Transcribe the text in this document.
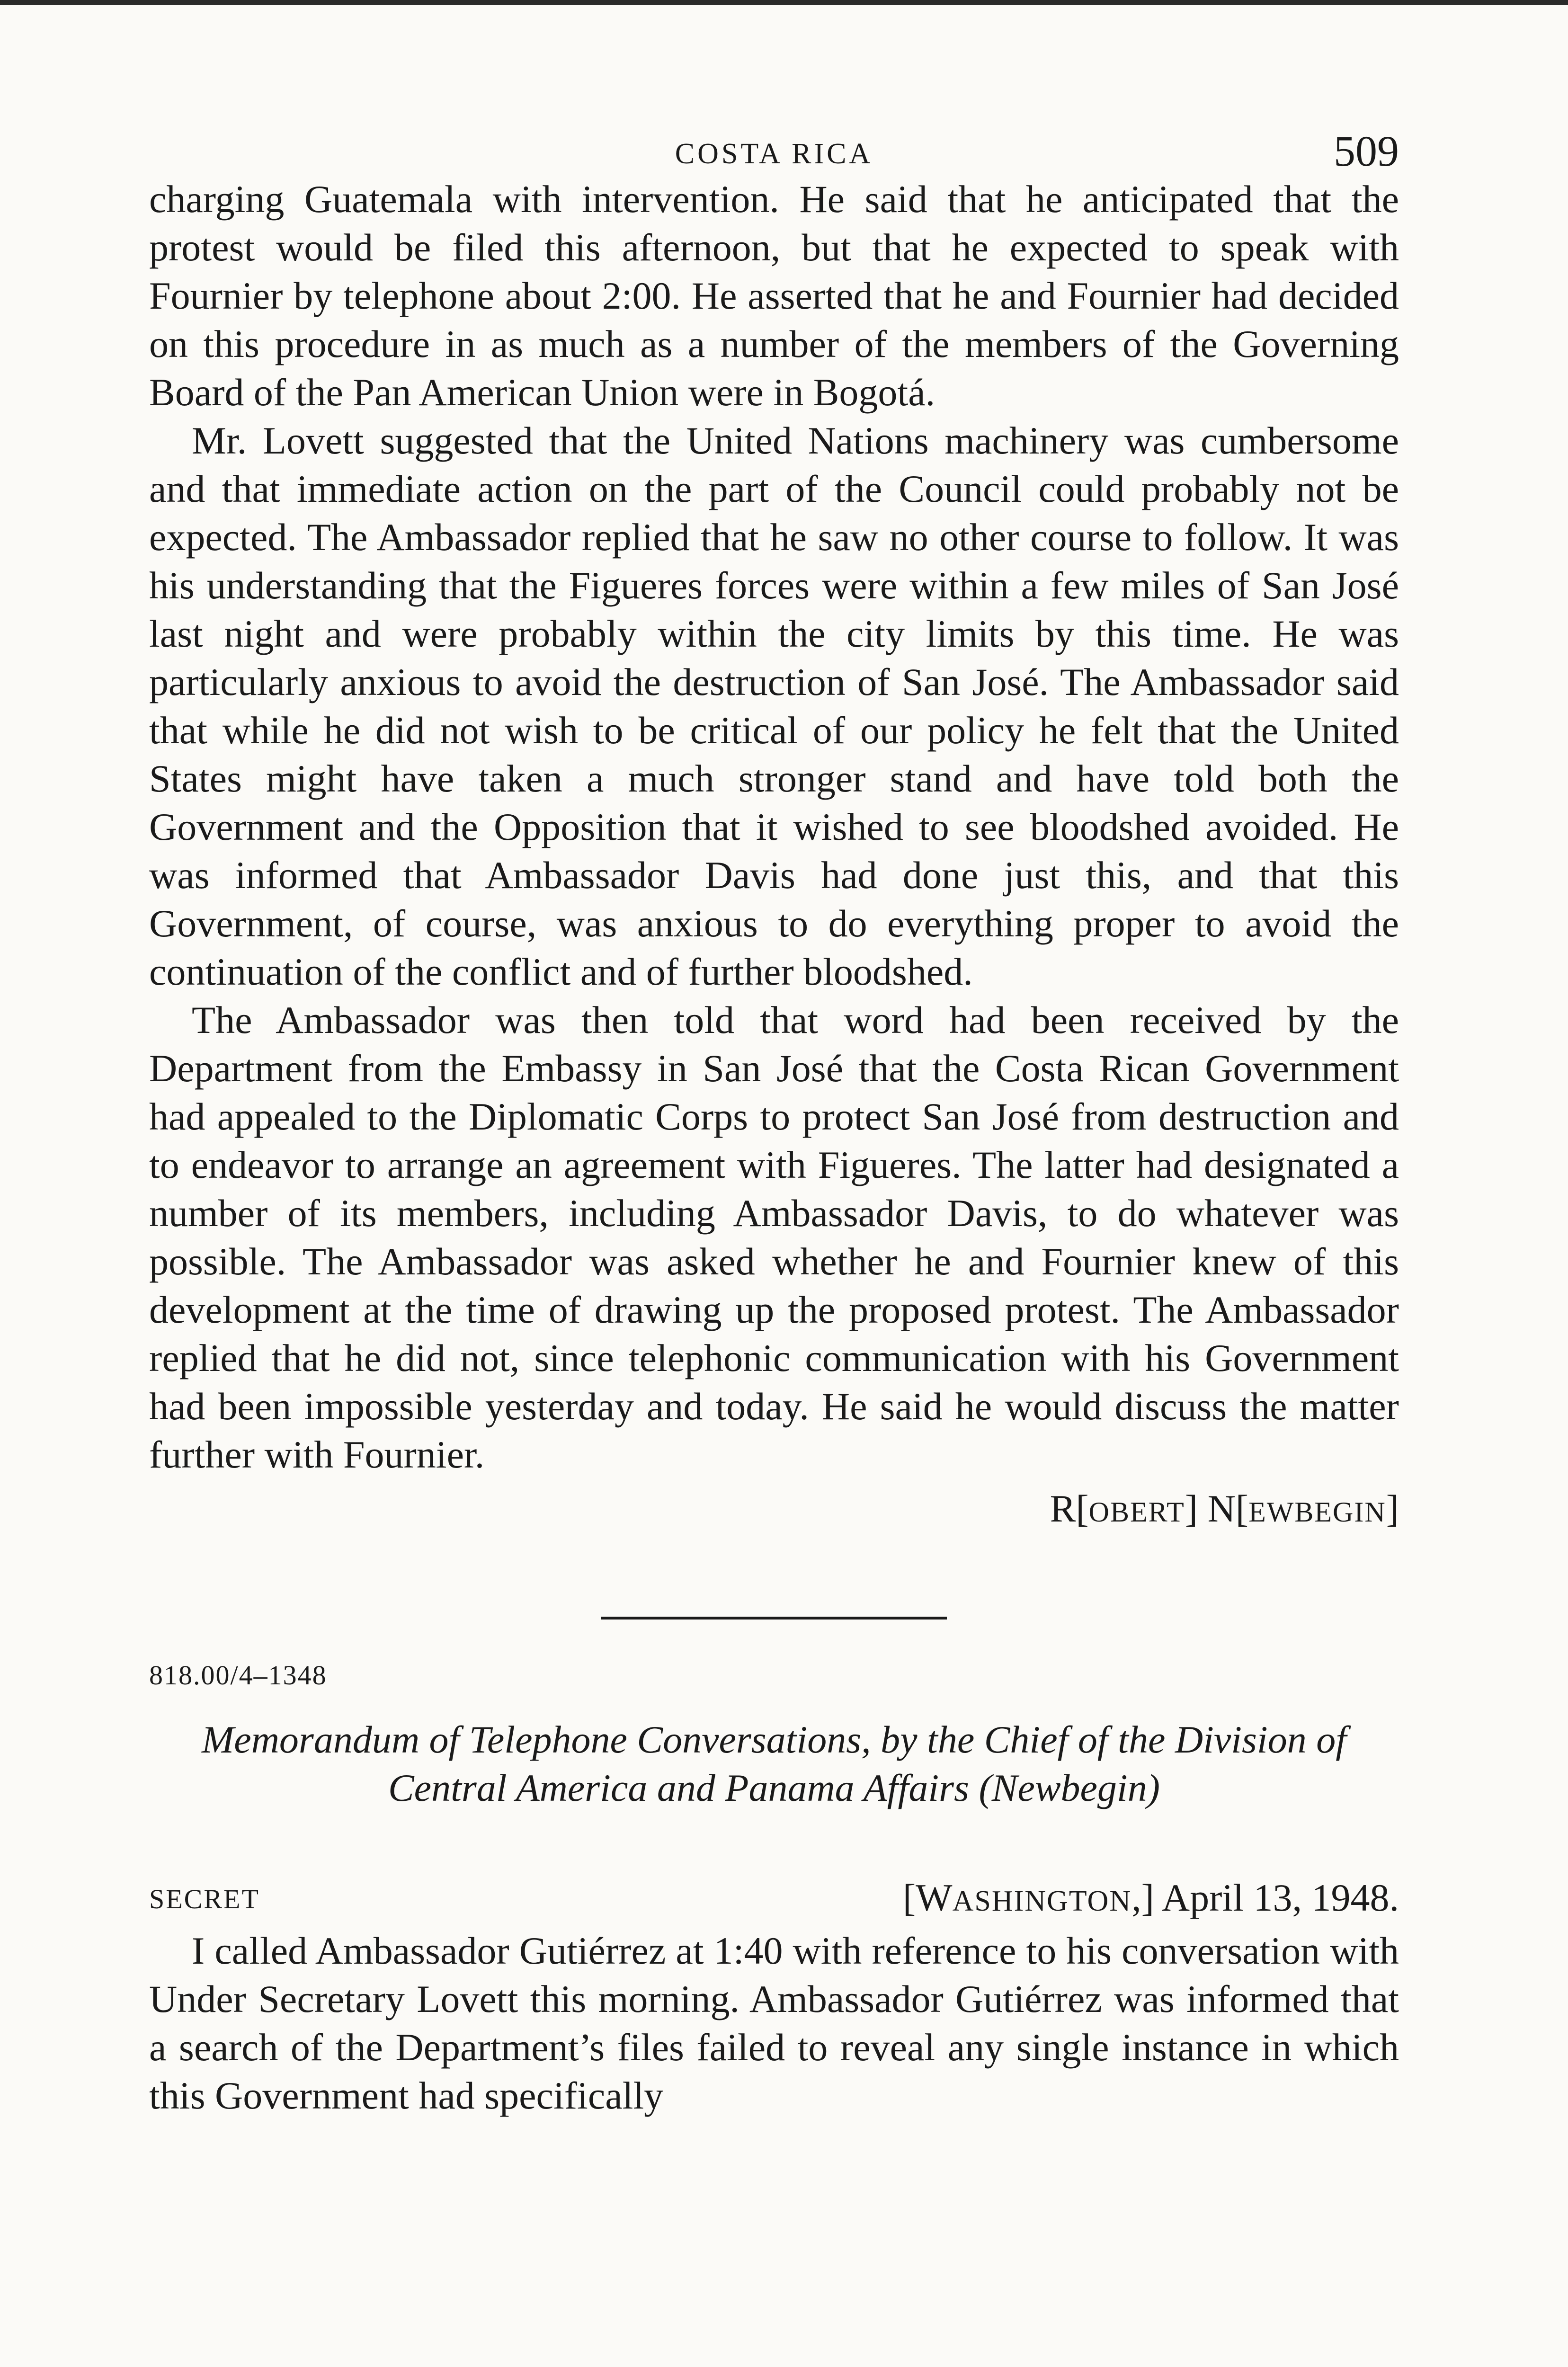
COSTA RICA	509

charging Guatemala with intervention. He said that he anticipated that the protest would be filed this afternoon, but that he expected to speak with Fournier by telephone about 2:00. He asserted that he and Fournier had decided on this procedure in as much as a number of the members of the Governing Board of the Pan American Union were in Bogotá.

Mr. Lovett suggested that the United Nations machinery was cumbersome and that immediate action on the part of the Council could probably not be expected. The Ambassador replied that he saw no other course to follow. It was his understanding that the Figueres forces were within a few miles of San José last night and were probably within the city limits by this time. He was particularly anxious to avoid the destruction of San José. The Ambassador said that while he did not wish to be critical of our policy he felt that the United States might have taken a much stronger stand and have told both the Government and the Opposition that it wished to see bloodshed avoided. He was informed that Ambassador Davis had done just this, and that this Government, of course, was anxious to do everything proper to avoid the continuation of the conflict and of further bloodshed.

The Ambassador was then told that word had been received by the Department from the Embassy in San José that the Costa Rican Government had appealed to the Diplomatic Corps to protect San José from destruction and to endeavor to arrange an agreement with Figueres. The latter had designated a number of its members, including Ambassador Davis, to do whatever was possible. The Ambassador was asked whether he and Fournier knew of this development at the time of drawing up the proposed protest. The Ambassador replied that he did not, since telephonic communication with his Government had been impossible yesterday and today. He said he would discuss the matter further with Fournier.

R[OBERT] N[EWBEGIN]
818.00/4–1348
Memorandum of Telephone Conversations, by the Chief of the Division of Central America and Panama Affairs (Newbegin)
SECRET	[WASHINGTON,] April 13, 1948.

I called Ambassador Gutiérrez at 1:40 with reference to his conversation with Under Secretary Lovett this morning. Ambassador Gutiérrez was informed that a search of the Department’s files failed to reveal any single instance in which this Government had specifically
